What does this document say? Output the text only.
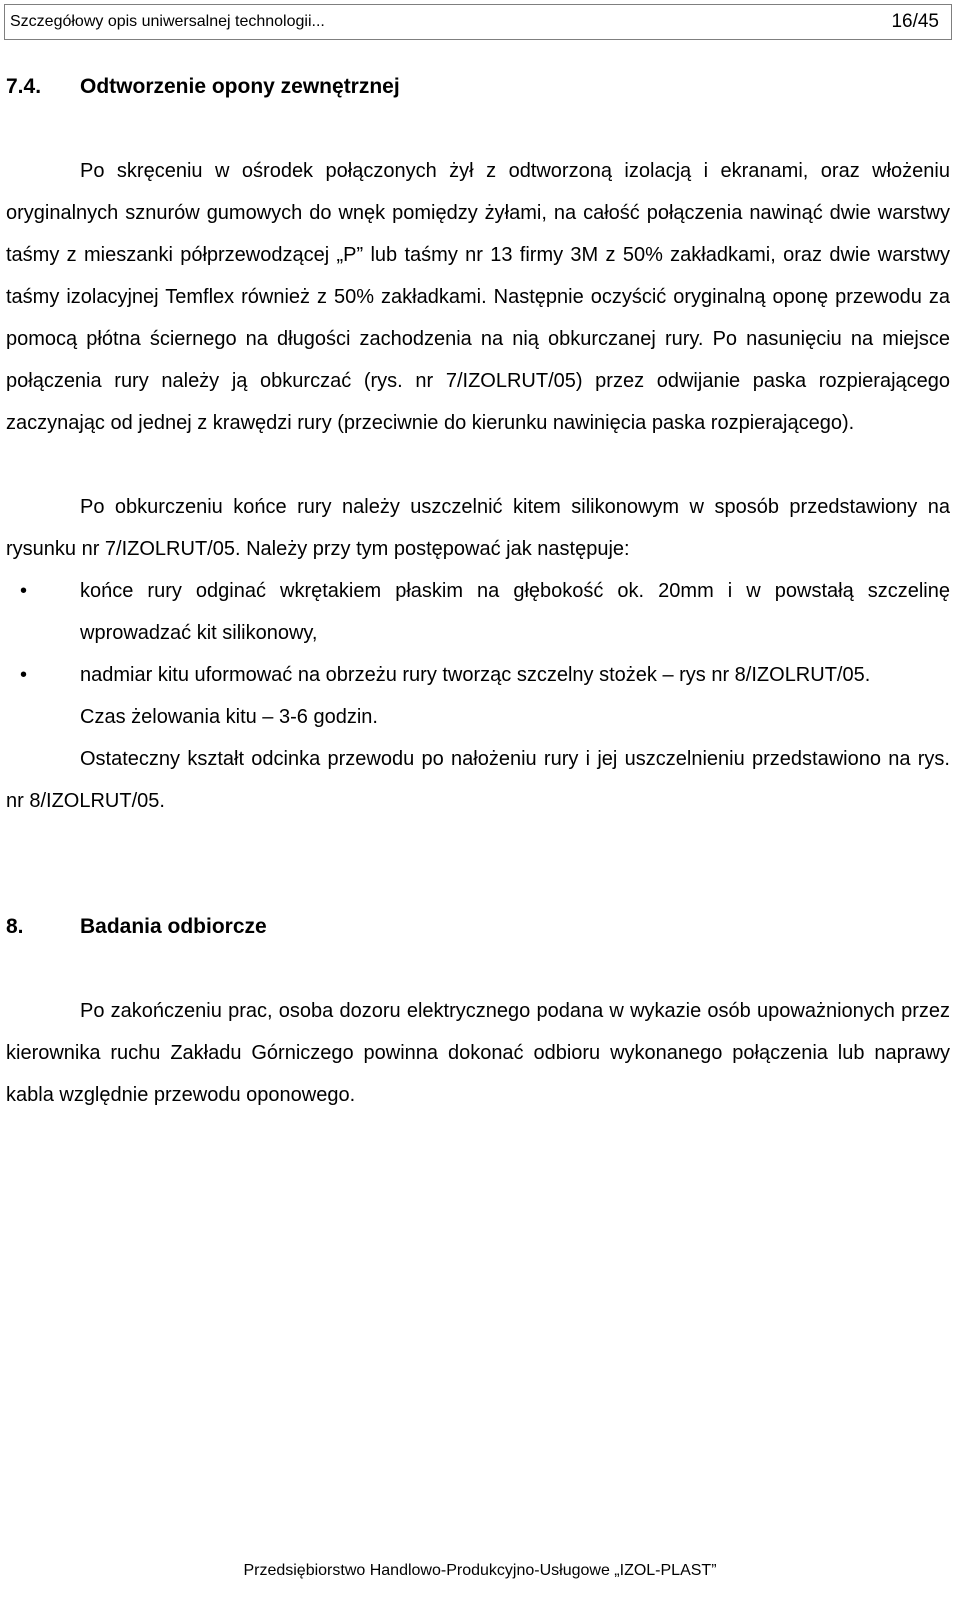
Szczegółowy opis uniwersalnej technologii...	16/45
7.4.	Odtworzenie opony zewnętrznej

Po skręceniu w ośrodek połączonych żył z odtworzoną izolacją i ekranami, oraz włożeniu oryginalnych sznurów gumowych do wnęk pomiędzy żyłami, na całość połączenia nawinąć dwie warstwy taśmy z mieszanki półprzewodzącej „P” lub taśmy nr 13 firmy 3M z 50% zakładkami, oraz dwie warstwy taśmy izolacyjnej Temflex również z 50% zakładkami. Następnie oczyścić oryginalną oponę przewodu za pomocą płótna ściernego na długości zachodzenia na nią obkurczanej rury. Po nasunięciu na miejsce połączenia rury należy ją obkurczać (rys. nr 7/IZOLRUT/05) przez odwijanie paska rozpierającego zaczynając od jednej z krawędzi rury (przeciwnie do kierunku nawinięcia paska rozpierającego).

Po obkurczeniu końce rury należy uszczelnić kitem silikonowym w sposób przedstawiony na rysunku nr 7/IZOLRUT/05. Należy przy tym postępować jak następuje:

•	końce rury odginać wkrętakiem płaskim na głębokość ok. 20mm i w powstałą szczelinę wprowadzać kit silikonowy,
•	nadmiar kitu uformować na obrzeżu rury tworząc szczelny stożek – rys nr 8/IZOLRUT/05.

Czas żelowania kitu – 3-6 godzin.

Ostateczny kształt odcinka przewodu po nałożeniu rury i jej uszczelnieniu przedstawiono na rys. nr 8/IZOLRUT/05.

8.	Badania odbiorcze

Po zakończeniu prac, osoba dozoru elektrycznego podana w wykazie osób upoważnionych przez kierownika ruchu Zakładu Górniczego powinna dokonać odbioru wykonanego połączenia lub naprawy kabla względnie przewodu oponowego.

Przedsiębiorstwo Handlowo-Produkcyjno-Usługowe „IZOL-PLAST”
